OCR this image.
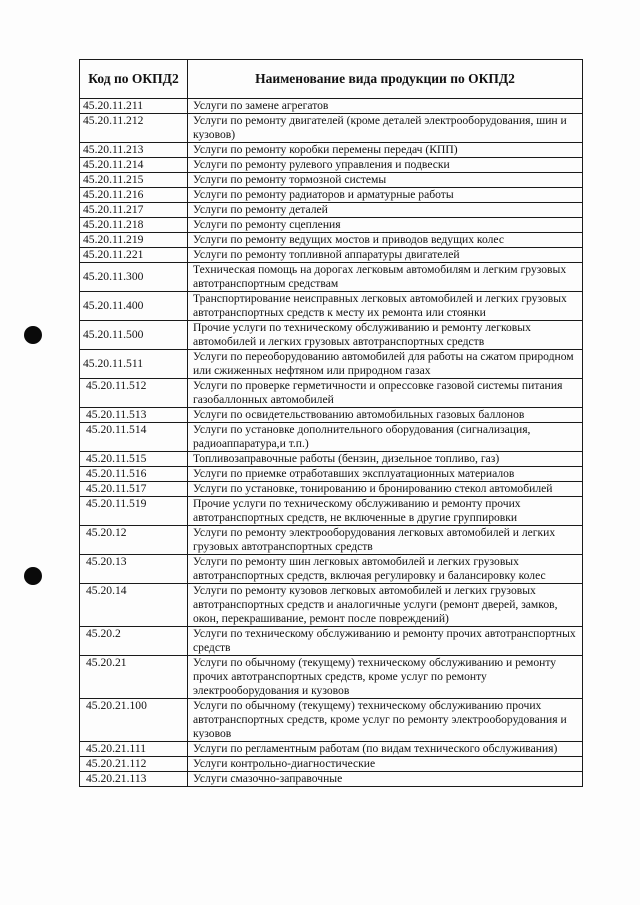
Код по ОКПД2	Наименование вида продукции по ОКПД2
45.20.11.211	Услуги по замене агрегатов
45.20.11.212	Услуги по ремонту двигателей (кроме деталей электрооборудования, шин и кузовов)
45.20.11.213	Услуги по ремонту коробки перемены передач (КПП)
45.20.11.214	Услуги по ремонту рулевого управления и подвески
45.20.11.215	Услуги по ремонту тормозной системы
45.20.11.216	Услуги по ремонту радиаторов и арматурные работы
45.20.11.217	Услуги по ремонту деталей
45.20.11.218	Услуги по ремонту сцепления
45.20.11.219	Услуги по ремонту ведущих мостов и приводов ведущих колес
45.20.11.221	Услуги по ремонту топливной аппаратуры двигателей
45.20.11.300	Техническая помощь на дорогах легковым автомобилям и легким грузовых автотранспортным средствам
45.20.11.400	Транспортирование неисправных легковых автомобилей и легких грузовых автотранспортных средств к месту их ремонта или стоянки
45.20.11.500	Прочие услуги по техническому обслуживанию и ремонту легковых автомобилей и легких грузовых автотранспортных средств
45.20.11.511	Услуги по переоборудованию автомобилей для работы на сжатом природном или сжиженных нефтяном или природном газах
45.20.11.512	Услуги по проверке герметичности и опрессовке газовой системы питания газобаллонных автомобилей
45.20.11.513	Услуги по освидетельствованию автомобильных газовых баллонов
45.20.11.514	Услуги по установке дополнительного оборудования (сигнализация, радиоаппаратура,и т.п.)
45.20.11.515	Топливозаправочные работы (бензин, дизельное топливо, газ)
45.20.11.516	Услуги по приемке отработавших эксплуатационных материалов
45.20.11.517	Услуги по установке, тонированию и бронированию стекол автомобилей
45.20.11.519	Прочие услуги по техническому обслуживанию и ремонту прочих автотранспортных средств, не включенные в другие группировки
45.20.12	Услуги по ремонту электрооборудования легковых автомобилей и легких грузовых автотранспортных средств
45.20.13	Услуги по ремонту шин легковых автомобилей и легких грузовых автотранспортных средств, включая регулировку и балансировку колес
45.20.14	Услуги по ремонту кузовов легковых автомобилей и легких грузовых автотранспортных средств и аналогичные услуги (ремонт дверей, замков, окон, перекрашивание, ремонт после повреждений)
45.20.2	Услуги по техническому обслуживанию и ремонту прочих автотранспортных средств
45.20.21	Услуги по обычному (текущему) техническому обслуживанию и ремонту прочих автотранспортных средств, кроме услуг по ремонту электрооборудования и кузовов
45.20.21.100	Услуги по обычному (текущему) техническому обслуживанию прочих автотранспортных средств, кроме услуг по ремонту электрооборудования и кузовов
45.20.21.111	Услуги по регламентным работам (по видам технического обслуживания)
45.20.21.112	Услуги контрольно-диагностические
45.20.21.113	Услуги смазочно-заправочные
